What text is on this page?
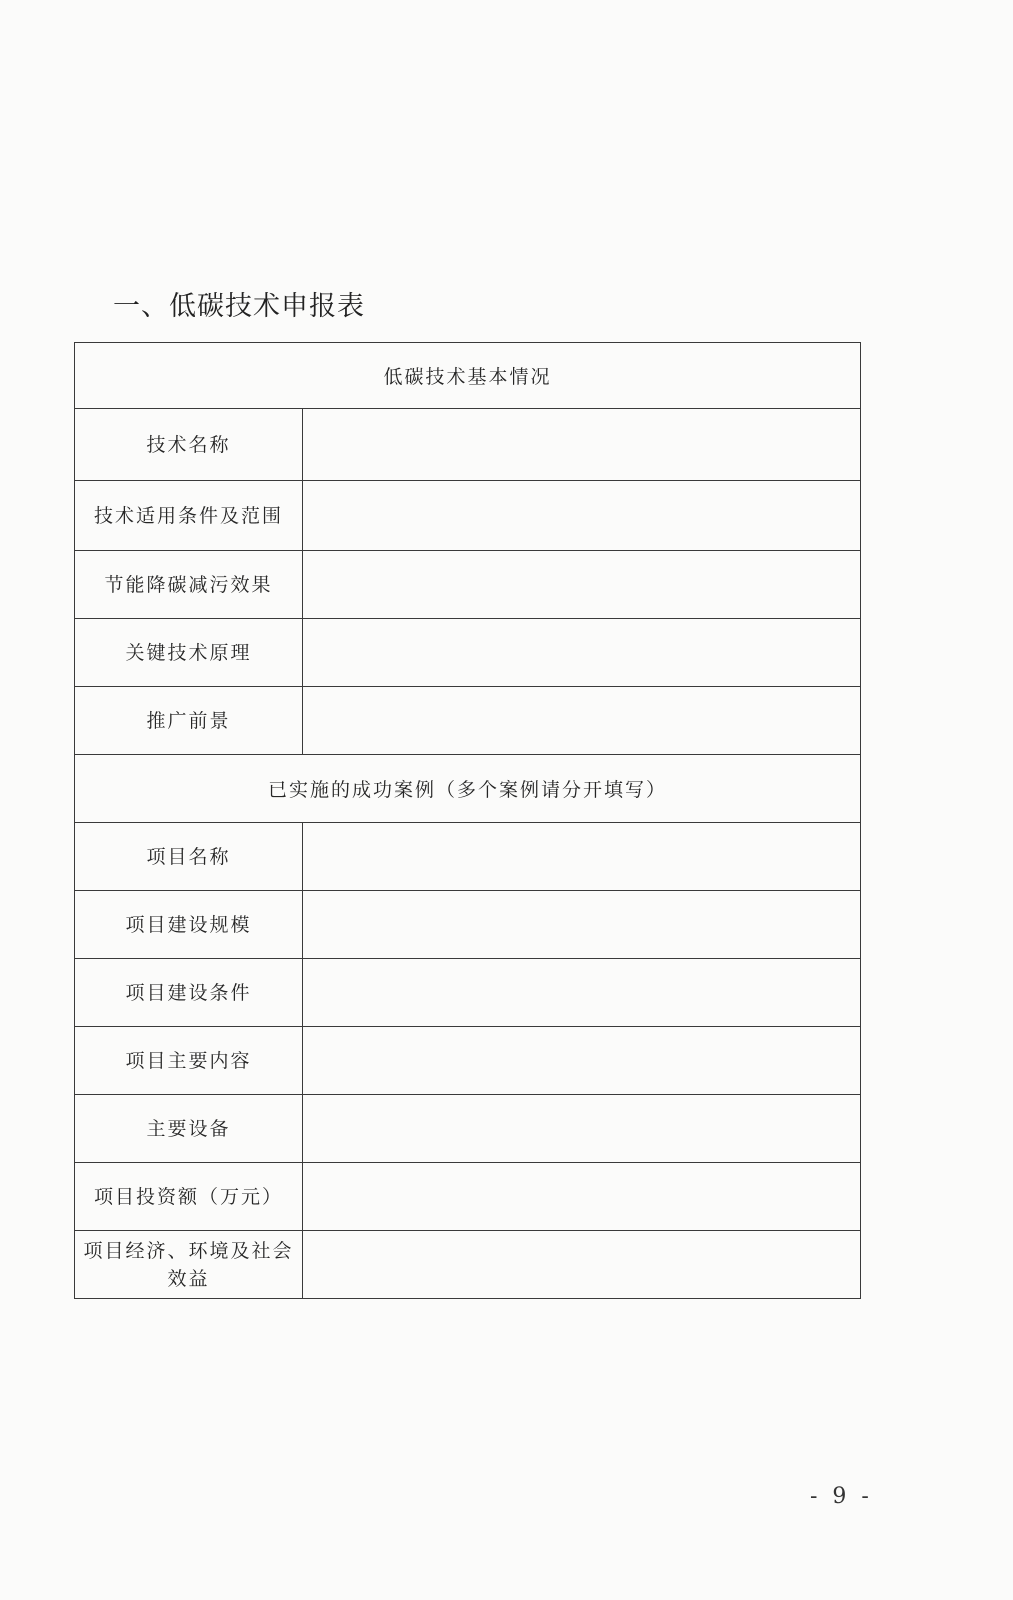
一、低碳技术申报表
低碳技术基本情况	
技术名称	
技术适用条件及范围	
节能降碳减污效果	
关键技术原理	
推广前景	
已实施的成功案例（多个案例请分开填写）	
项目名称	
项目建设规模	
项目建设条件	
项目主要内容	
主要设备	
项目投资额（万元）	
项目经济、环境及社会效益	
- 9 -
